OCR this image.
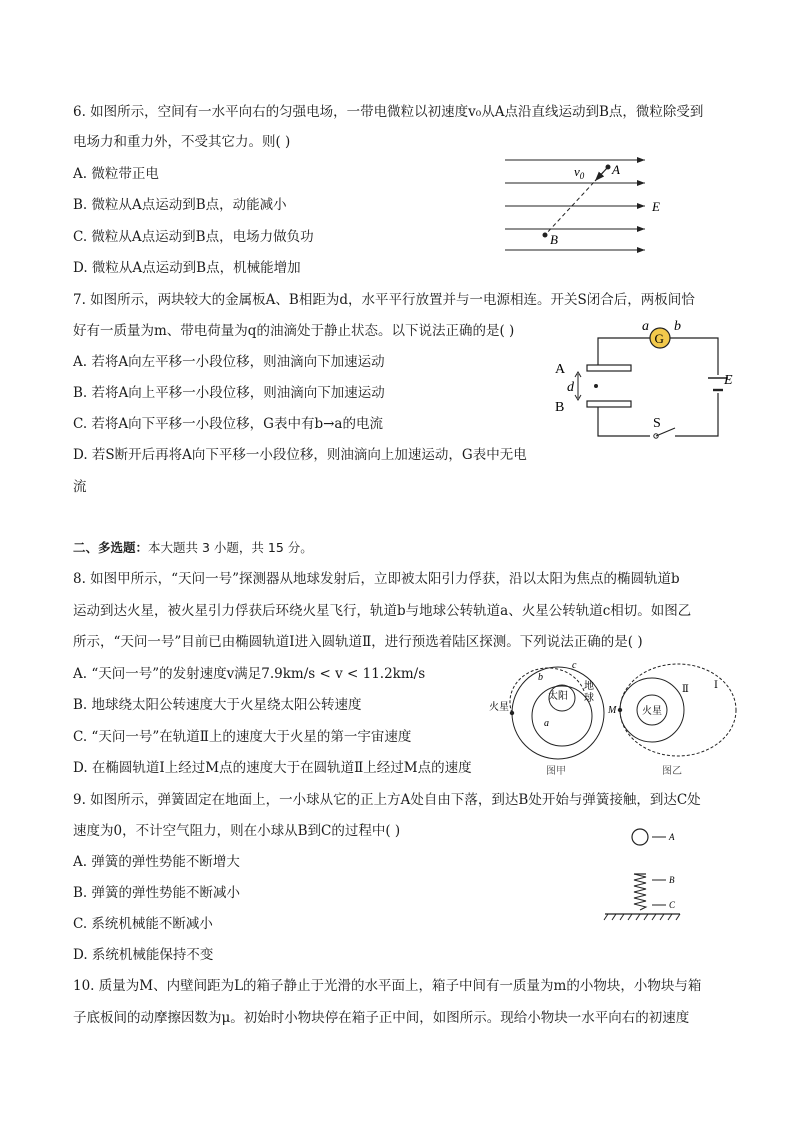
6. 如图所示，空间有一水平向右的匀强电场，一带电微粒以初速度v₀从A点沿直线运动到B点，微粒除受到
电场力和重力外，不受其它力。则( )
A. 微粒带正电
B. 微粒从A点运动到B点，动能减小
C. 微粒从A点运动到B点，电场力做负功
D. 微粒从A点运动到B点，机械能增加
$v_0$ A
B
E
7. 如图所示，两块较大的金属板A、B相距为d，水平平行放置并与一电源相连。开关S闭合后，两板间恰
好有一质量为m、带电荷量为q的油滴处于静止状态。以下说法正确的是( )
A. 若将A向左平移一小段位移，则油滴向下加速运动
B. 若将A向上平移一小段位移，则油滴向下加速运动
C. 若将A向下平移一小段位移，G表中有b→a的电流
D. 若S断开后再将A向下平移一小段位移，则油滴向上加速运动，G表中无电
流
G
a b
A
B
d	E
S
二、多选题：本大题共 3 小题，共 15 分。
8. 如图甲所示，“天问一号”探测器从地球发射后，立即被太阳引力俘获，沿以太阳为焦点的椭圆轨道b
运动到达火星，被火星引力俘获后环绕火星飞行，轨道b与地球公转轨道a、火星公转轨道c相切。如图乙
所示，“天问一号”目前已由椭圆轨道Ⅰ进入圆轨道Ⅱ，进行预选着陆区探测。下列说法正确的是( )
A. “天问一号”的发射速度v满足7.9km/s < v < 11.2km/s
B. 地球绕太阳公转速度大于火星绕太阳公转速度
C. “天问一号”在轨道Ⅱ上的速度大于火星的第一宇宙速度
D. 在椭圆轨道Ⅰ上经过M点的速度大于在圆轨道Ⅱ上经过M点的速度
太阳
火星
地
球
c
b
a
图甲
火星
M
Ⅱ	Ⅰ
图乙
9. 如图所示，弹簧固定在地面上，一小球从它的正上方A处自由下落，到达B处开始与弹簧接触，到达C处
速度为0，不计空气阻力，则在小球从B到C的过程中( )
A. 弹簧的弹性势能不断增大
B. 弹簧的弹性势能不断减小
C. 系统机械能不断减小
D. 系统机械能保持不变
A
B
C
10. 质量为M、内壁间距为L的箱子静止于光滑的水平面上，箱子中间有一质量为m的小物块，小物块与箱
子底板间的动摩擦因数为μ。初始时小物块停在箱子正中间，如图所示。现给小物块一水平向右的初速度
